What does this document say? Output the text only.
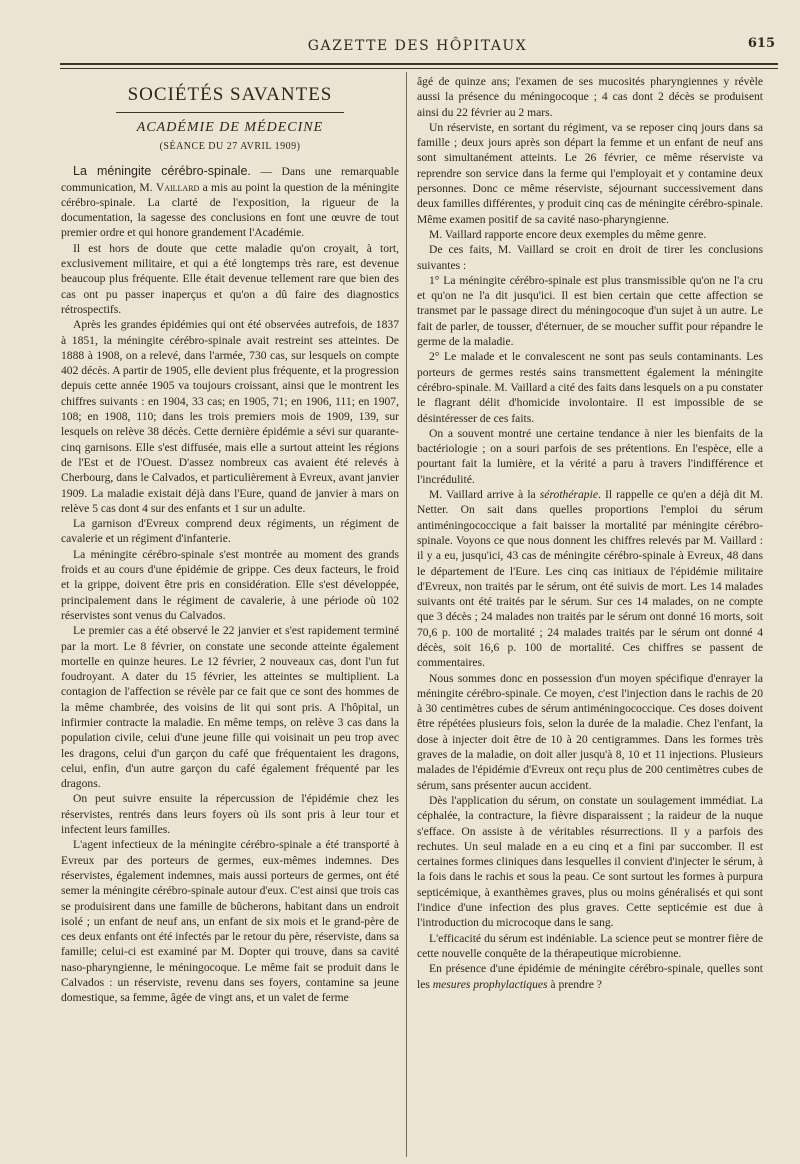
GAZETTE DES HÔPITAUX	615
SOCIÉTÉS SAVANTES
ACADÉMIE DE MÉDECINE
(SÉANCE DU 27 AVRIL 1909)

La méningite cérébro-spinale. — Dans une remarquable communication, M. Vaillard a mis au point la question de la méningite cérébro-spinale. La clarté de l'exposition, la rigueur de la documentation, la sagesse des conclusions en font une œuvre de tout premier ordre et qui honore grandement l'Académie.

Il est hors de doute que cette maladie qu'on croyait, à tort, exclusivement militaire, et qui a été longtemps très rare, est devenue beaucoup plus fréquente. Elle était devenue tellement rare que bien des cas ont pu passer inaperçus et qu'on a dû faire des diagnostics rétrospectifs.

Après les grandes épidémies qui ont été observées autrefois, de 1837 à 1851, la méningite cérébro-spinale avait restreint ses atteintes. De 1888 à 1908, on a relevé, dans l'armée, 730 cas, sur lesquels on compte 402 décès. A partir de 1905, elle devient plus fréquente, et la progression depuis cette année 1905 va toujours croissant, ainsi que le montrent les chiffres suivants : en 1904, 33 cas; en 1905, 71; en 1906, 111; en 1907, 108; en 1908, 110; dans les trois premiers mois de 1909, 139, sur lesquels on relève 38 décès. Cette dernière épidémie a sévi sur quarante-cinq garnisons. Elle s'est diffusée, mais elle a surtout atteint les régions de l'Est et de l'Ouest. D'assez nombreux cas avaient été relevés à Cherbourg, dans le Calvados, et particulièrement à Evreux, avant janvier 1909. La maladie existait déjà dans l'Eure, quand de janvier à mars on relève 5 cas dont 4 sur des enfants et 1 sur un adulte.

La garnison d'Evreux comprend deux régiments, un régiment de cavalerie et un régiment d'infanterie.

La méningite cérébro-spinale s'est montrée au moment des grands froids et au cours d'une épidémie de grippe. Ces deux facteurs, le froid et la grippe, doivent être pris en considération. Elle s'est développée, principalement dans le régiment de cavalerie, à une période où 102 réservistes sont venus du Calvados.

Le premier cas a été observé le 22 janvier et s'est rapidement terminé par la mort. Le 8 février, on constate une seconde atteinte également mortelle en quinze heures. Le 12 février, 2 nouveaux cas, dont l'un fut foudroyant. A dater du 15 février, les atteintes se multiplient. La contagion de l'affection se révèle par ce fait que ce sont des hommes de la même chambrée, des voisins de lit qui sont pris. A l'hôpital, un infirmier contracte la maladie. En même temps, on relève 3 cas dans la population civile, celui d'une jeune fille qui voisinait un peu trop avec les dragons, celui d'un garçon du café que fréquentaient les dragons, celui, enfin, d'un autre garçon du café également fréquenté par les dragons.

On peut suivre ensuite la répercussion de l'épidémie chez les réservistes, rentrés dans leurs foyers où ils sont pris à leur tour et infectent leurs familles.

L'agent infectieux de la méningite cérébro-spinale a été transporté à Evreux par des porteurs de germes, eux-mêmes indemnes. Des réservistes, également indemnes, mais aussi porteurs de germes, ont été semer la méningite cérébro-spinale autour d'eux. C'est ainsi que trois cas se produisirent dans une famille de bûcherons, habitant dans un endroit isolé ; un enfant de neuf ans, un enfant de six mois et le grand-père de ces deux enfants ont été infectés par le retour du père, réserviste, dans sa famille; celui-ci est examiné par M. Dopter qui trouve, dans sa cavité naso-pharyngienne, le méningocoque. Le même fait se produit dans le Calvados : un réserviste, revenu dans ses foyers, contamine sa jeune domestique, sa femme, âgée de vingt ans, et un valet de ferme

âgé de quinze ans; l'examen de ses mucosités pharyngiennes y révèle aussi la présence du méningocoque ; 4 cas dont 2 décès se produisent ainsi du 22 février au 2 mars.

Un réserviste, en sortant du régiment, va se reposer cinq jours dans sa famille ; deux jours après son départ la femme et un enfant de neuf ans sont simultanément atteints. Le 26 février, ce même réserviste va reprendre son service dans la ferme qui l'employait et y contamine deux personnes. Donc ce même réserviste, séjournant successivement dans deux familles différentes, y produit cinq cas de méningite cérébro-spinale. Même examen positif de sa cavité naso-pharyngienne.

M. Vaillard rapporte encore deux exemples du même genre.

De ces faits, M. Vaillard se croit en droit de tirer les conclusions suivantes :

1° La méningite cérébro-spinale est plus transmissible qu'on ne l'a cru et qu'on ne l'a dit jusqu'ici. Il est bien certain que cette affection se transmet par le passage direct du méningocoque d'un sujet à un autre. Le fait de parler, de tousser, d'éternuer, de se moucher suffit pour répandre le germe de la maladie.

2° Le malade et le convalescent ne sont pas seuls contaminants. Les porteurs de germes restés sains transmettent également la méningite cérébro-spinale. M. Vaillard a cité des faits dans lesquels on a pu constater le flagrant délit d'homicide involontaire. Il est impossible de se désintéresser de ces faits.

On a souvent montré une certaine tendance à nier les bienfaits de la bactériologie ; on a souri parfois de ses prétentions. En l'espèce, elle a pourtant fait la lumière, et la vérité a paru à travers l'indifférence et l'incrédulité.

M. Vaillard arrive à la sérothérapie. Il rappelle ce qu'en a déjà dit M. Netter. On sait dans quelles proportions l'emploi du sérum antiméningococcique a fait baisser la mortalité par méningite cérébro-spinale. Voyons ce que nous donnent les chiffres relevés par M. Vaillard : il y a eu, jusqu'ici, 43 cas de méningite cérébro-spinale à Evreux, 48 dans le département de l'Eure. Les cinq cas initiaux de l'épidémie militaire d'Evreux, non traités par le sérum, ont été suivis de mort. Les 14 malades suivants ont été traités par le sérum. Sur ces 14 malades, on ne compte que 3 décès ; 24 malades non traités par le sérum ont donné 16 morts, soit 70,6 p. 100 de mortalité ; 24 malades traités par le sérum ont donné 4 décès, soit 16,6 p. 100 de mortalité. Ces chiffres se passent de commentaires.

Nous sommes donc en possession d'un moyen spécifique d'enrayer la méningite cérébro-spinale. Ce moyen, c'est l'injection dans le rachis de 20 à 30 centimètres cubes de sérum antiméningococcique. Ces doses doivent être répétées plusieurs fois, selon la durée de la maladie. Chez l'enfant, la dose à injecter doit être de 10 à 20 centigrammes. Dans les formes très graves de la maladie, on doit aller jusqu'à 8, 10 et 11 injections. Plusieurs malades de l'épidémie d'Evreux ont reçu plus de 200 centimètres cubes de sérum, sans présenter aucun accident.

Dès l'application du sérum, on constate un soulagement immédiat. La céphalée, la contracture, la fièvre disparaissent ; la raideur de la nuque s'efface. On assiste à de véritables résurrections. Il y a parfois des rechutes. Un seul malade en a eu cinq et a fini par succomber. Il est certaines formes cliniques dans lesquelles il convient d'injecter le sérum, à la fois dans le rachis et sous la peau. Ce sont surtout les formes à purpura septicémique, à exanthèmes graves, plus ou moins généralisés et qui sont l'indice d'une infection des plus graves. Cette septicémie est due à l'introduction du microcoque dans le sang.

L'efficacité du sérum est indéniable. La science peut se montrer fière de cette nouvelle conquête de la thérapeutique microbienne.

En présence d'une épidémie de méningite cérébro-spinale, quelles sont les mesures prophylactiques à prendre ?
